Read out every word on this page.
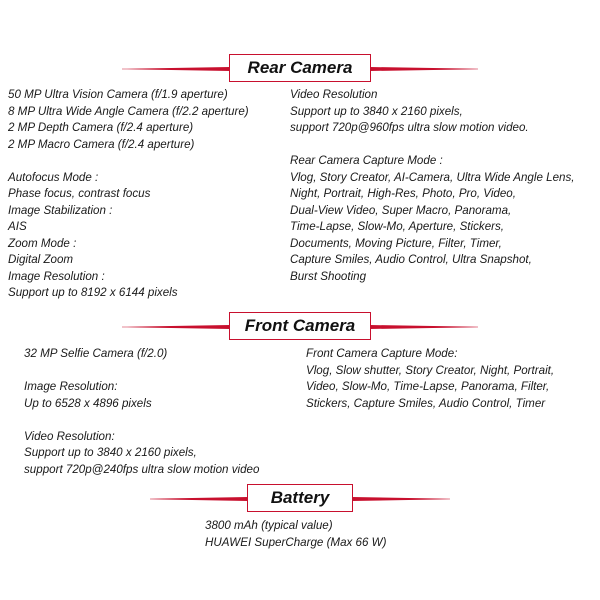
Rear Camera
50 MP Ultra Vision Camera (f/1.9 aperture)
8 MP Ultra Wide Angle Camera (f/2.2 aperture)
2 MP Depth Camera (f/2.4 aperture)
2 MP Macro Camera (f/2.4 aperture)
Autofocus Mode :
Phase focus, contrast focus
Image Stabilization :
AIS
Zoom Mode :
Digital Zoom
Image Resolution :
Support up to 8192 x 6144 pixels
Video Resolution
Support up to 3840 x 2160 pixels,
support 720p@960fps ultra slow motion video.
Rear Camera Capture Mode :
Vlog, Story Creator, AI-Camera, Ultra Wide Angle Lens,
Night, Portrait, High-Res, Photo, Pro, Video,
Dual-View Video, Super Macro, Panorama,
Time-Lapse, Slow-Mo, Aperture, Stickers,
Documents, Moving Picture, Filter, Timer,
Capture Smiles, Audio Control, Ultra Snapshot,
Burst Shooting
Front Camera
32 MP Selfie Camera (f/2.0)
Image Resolution:
Up to 6528 x 4896 pixels
Video Resolution:
Support up to 3840 x 2160 pixels,
support 720p@240fps ultra slow motion video
Front Camera Capture Mode:
Vlog, Slow shutter, Story Creator, Night, Portrait,
Video, Slow-Mo, Time-Lapse, Panorama, Filter,
Stickers, Capture Smiles, Audio Control, Timer
Battery
3800 mAh (typical value)
HUAWEI SuperCharge (Max 66 W)
